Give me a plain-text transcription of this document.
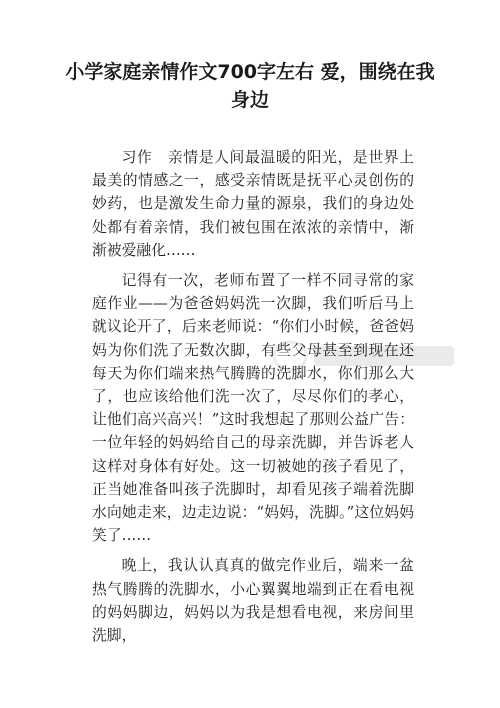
小学家庭亲情作文700字左右 爱，围绕在我身边

习作　亲情是人间最温暖的阳光，是世界上最美的情感之一，感受亲情既是抚平心灵创伤的妙药，也是激发生命力量的源泉，我们的身边处处都有着亲情，我们被包围在浓浓的亲情中，渐渐被爱融化……

记得有一次，老师布置了一样不同寻常的家庭作业——为爸爸妈妈洗一次脚，我们听后马上就议论开了，后来老师说：“你们小时候，爸爸妈妈为你们洗了无数次脚，有些父母甚至到现在还每天为你们端来热气腾腾的洗脚水，你们那么大了，也应该给他们洗一次了，尽尽你们的孝心，让他们高兴高兴！”这时我想起了那则公益广告：一位年轻的妈妈给自己的母亲洗脚，并告诉老人这样对身体有好处。这一切被她的孩子看见了，正当她准备叫孩子洗脚时，却看见孩子端着洗脚水向她走来，边走边说：“妈妈，洗脚。”这位妈妈笑了……

晚上，我认认真真的做完作业后，端来一盆热气腾腾的洗脚水，小心翼翼地端到正在看电视的妈妈脚边，妈妈以为我是想看电视，来房间里洗脚，
